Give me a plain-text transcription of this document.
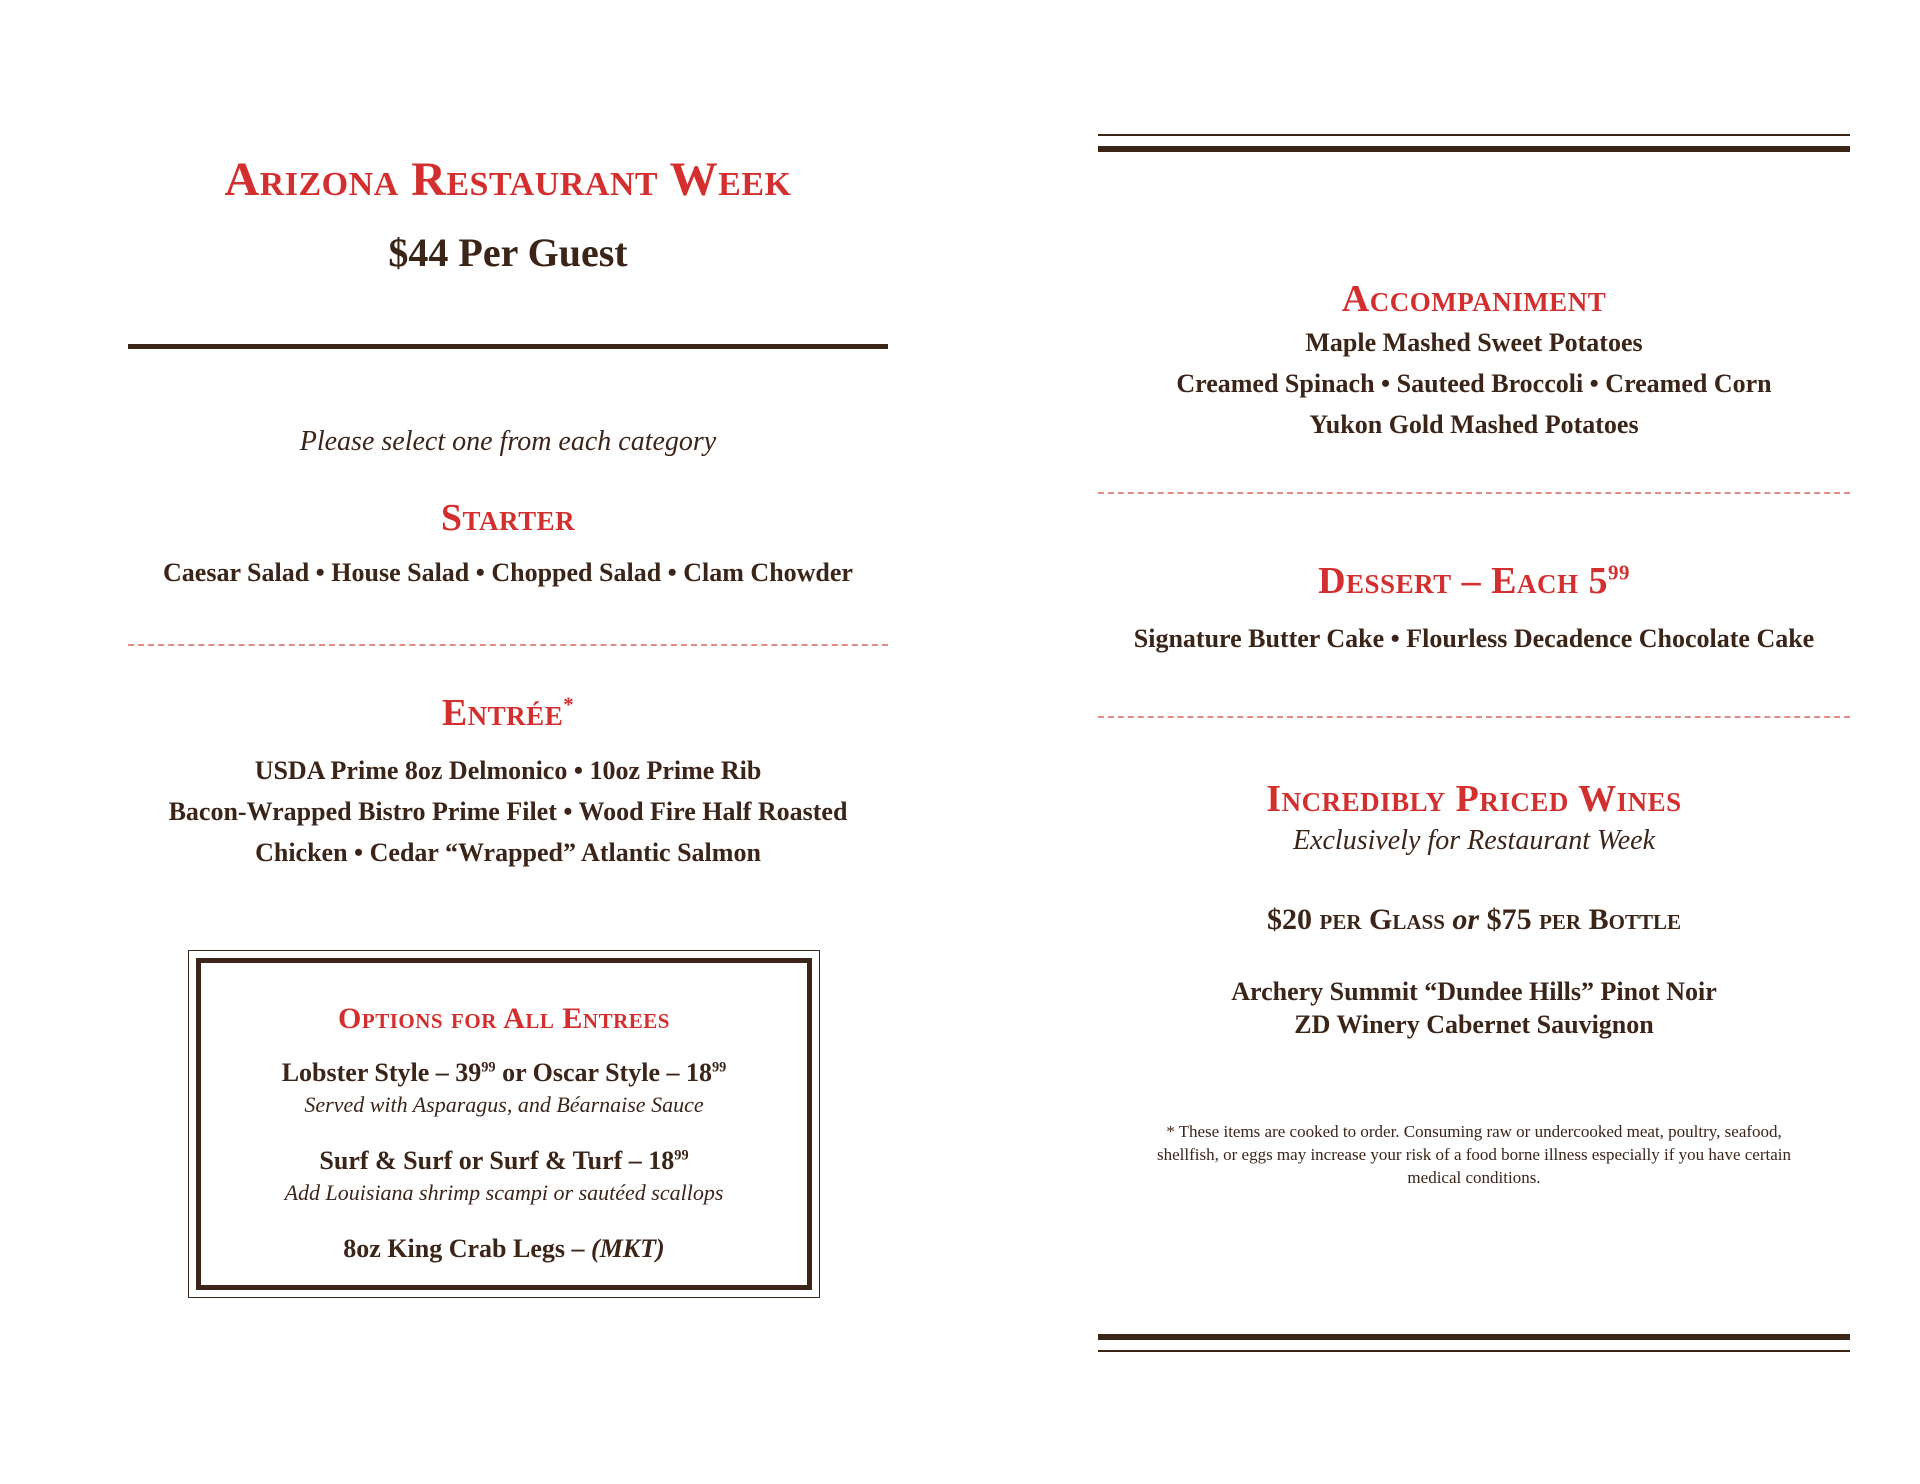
Arizona Restaurant Week
$44 Per Guest
Please select one from each category
Starter
Caesar Salad • House Salad • Chopped Salad • Clam Chowder
Entrée*
USDA Prime 8oz Delmonico • 10oz Prime Rib
Bacon-Wrapped Bistro Prime Filet • Wood Fire Half Roasted
Chicken • Cedar “Wrapped” Atlantic Salmon
Options for All Entrees
Lobster Style – $39^{99}$ or Oscar Style – $18^{99}$
Served with Asparagus, and Béarnaise Sauce
Surf & Surf or Surf & Turf – $18^{99}$
Add Louisiana shrimp scampi or sautéed scallops
8oz King Crab Legs – (MKT)
Accompaniment
Maple Mashed Sweet Potatoes
Creamed Spinach • Sauteed Broccoli • Creamed Corn
Yukon Gold Mashed Potatoes
Dessert – Each $5^{99}$
Signature Butter Cake • Flourless Decadence Chocolate Cake
Incredibly Priced Wines
Exclusively for Restaurant Week
$20 per Glass or $75 per Bottle
Archery Summit “Dundee Hills” Pinot Noir
ZD Winery Cabernet Sauvignon
* These items are cooked to order. Consuming raw or undercooked meat, poultry, seafood, shellfish, or eggs may increase your risk of a food borne illness especially if you have certain medical conditions.
